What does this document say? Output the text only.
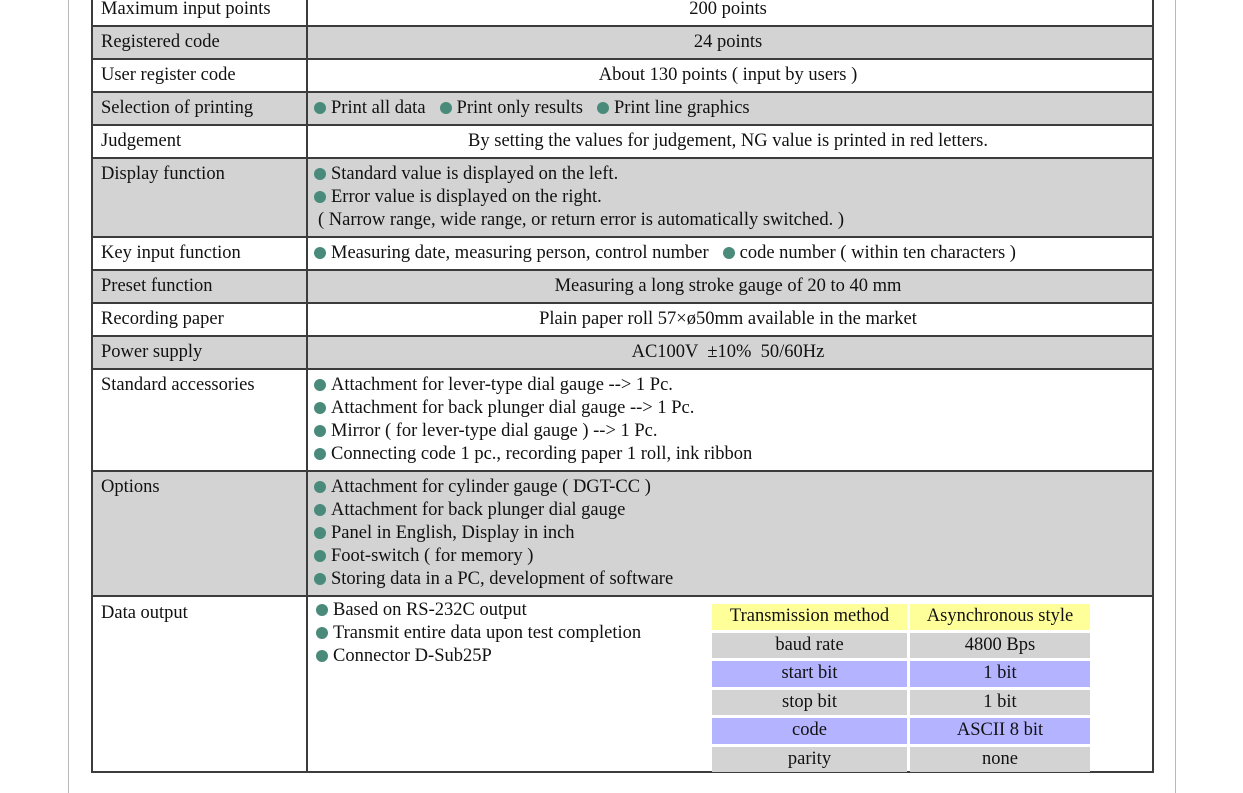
Maximum input points	200 points
Registered code	24 points
User register code	About 130 points ( input by users )
Selection of printing	Print all data Print only results Print line graphics

Judgement	By setting the values for judgement, NG value is printed in red letters.
Display function	Standard value is displayed on the left.
Error value is displayed on the right.
( Narrow range, wide range, or return error is automatically switched. )

Key input function	Measuring date, measuring person, control number code number ( within ten characters )

Preset function	Measuring a long stroke gauge of 20 to 40 mm
Recording paper	Plain paper roll 57×ø50mm available in the market
Power supply	AC100V  ±10%  50/60Hz
Standard accessories	Attachment for lever-type dial gauge --> 1 Pc.
Attachment for back plunger dial gauge --> 1 Pc.
Mirror ( for lever-type dial gauge ) --> 1 Pc.
Connecting code 1 pc., recording paper 1 roll, ink ribbon

Options	Attachment for cylinder gauge ( DGT-CC )
Attachment for back plunger dial gauge
Panel in English, Display in inch
Foot-switch ( for memory )
Storing data in a PC, development of software

Data output	Based on RS-232C output
Transmit entire data upon test completion
Connector D-Sub25P
Transmission method	Asynchronous style
baud rate	4800 Bps
start bit	1 bit
stop bit	1 bit
code	ASCII 8 bit
parity	none
